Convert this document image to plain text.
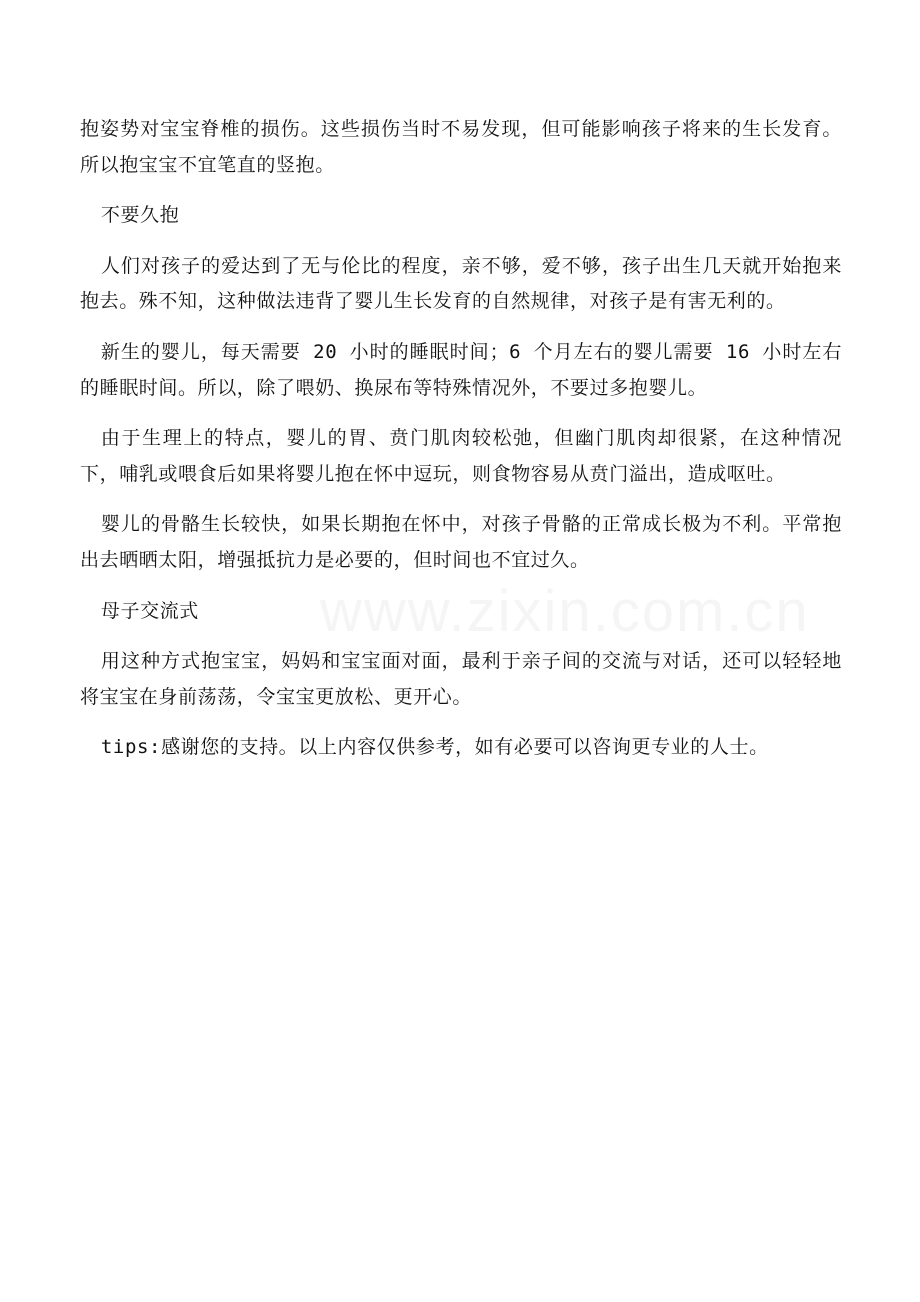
www.zixin.com.cn

抱姿势对宝宝脊椎的损伤。这些损伤当时不易发现，但可能影响孩子将来的生长发育。所以抱宝宝不宜笔直的竖抱。

不要久抱

人们对孩子的爱达到了无与伦比的程度，亲不够，爱不够，孩子出生几天就开始抱来抱去。殊不知，这种做法违背了婴儿生长发育的自然规律，对孩子是有害无利的。

新生的婴儿，每天需要 20 小时的睡眠时间；6 个月左右的婴儿需要 16 小时左右的睡眠时间。所以，除了喂奶、换尿布等特殊情况外，不要过多抱婴儿。

由于生理上的特点，婴儿的胃、贲门肌肉较松弛，但幽门肌肉却很紧，在这种情况下，哺乳或喂食后如果将婴儿抱在怀中逗玩，则食物容易从贲门溢出，造成呕吐。

婴儿的骨骼生长较快，如果长期抱在怀中，对孩子骨骼的正常成长极为不利。平常抱出去晒晒太阳，增强抵抗力是必要的，但时间也不宜过久。

母子交流式

用这种方式抱宝宝，妈妈和宝宝面对面，最利于亲子间的交流与对话，还可以轻轻地将宝宝在身前荡荡，令宝宝更放松、更开心。

tips:感谢您的支持。以上内容仅供参考，如有必要可以咨询更专业的人士。
